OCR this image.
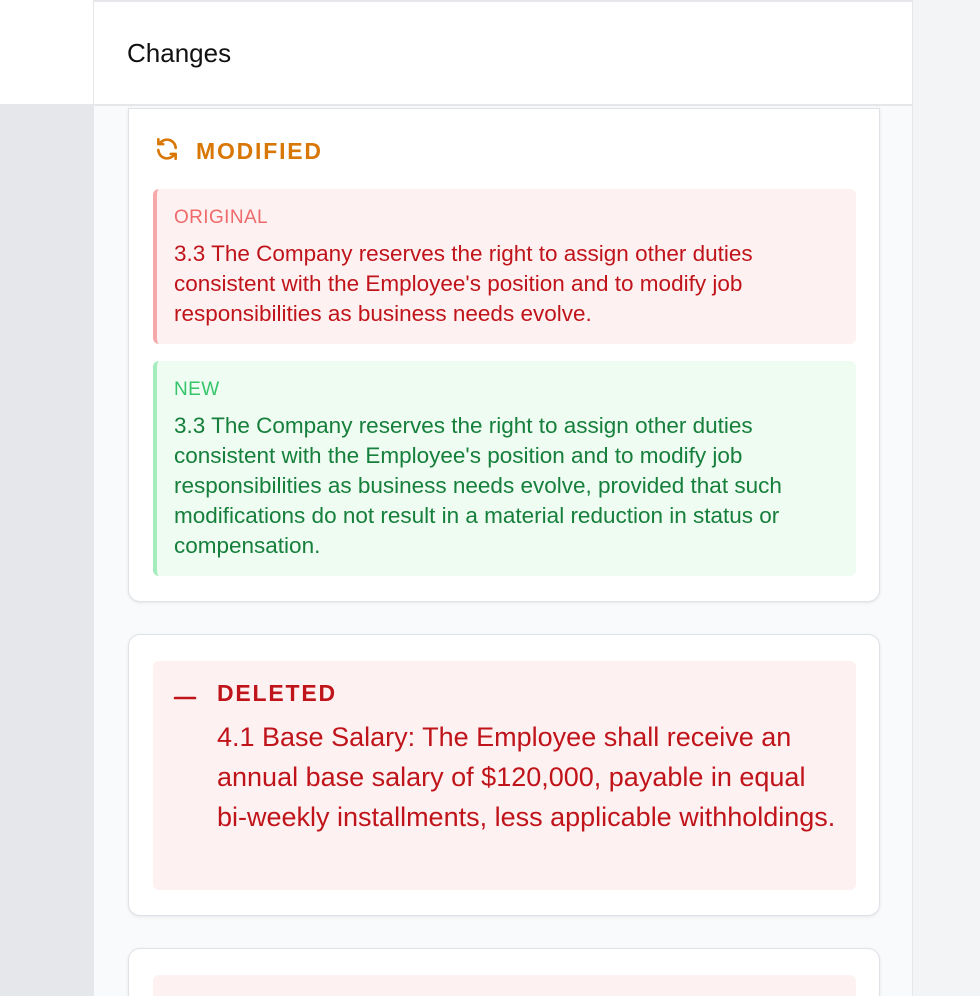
Changes
MODIFIED
ORIGINAL
3.3 The Company reserves the right to assign other duties consistent with the Employee's position and to modify job responsibilities as business needs evolve.
NEW
3.3 The Company reserves the right to assign other duties consistent with the Employee's position and to modify job responsibilities as business needs evolve, provided that such modifications do not result in a material reduction in status or compensation.
DELETED
4.1 Base Salary: The Employee shall receive an annual base salary of $120,000, payable in equal bi-weekly installments, less applicable withholdings.
